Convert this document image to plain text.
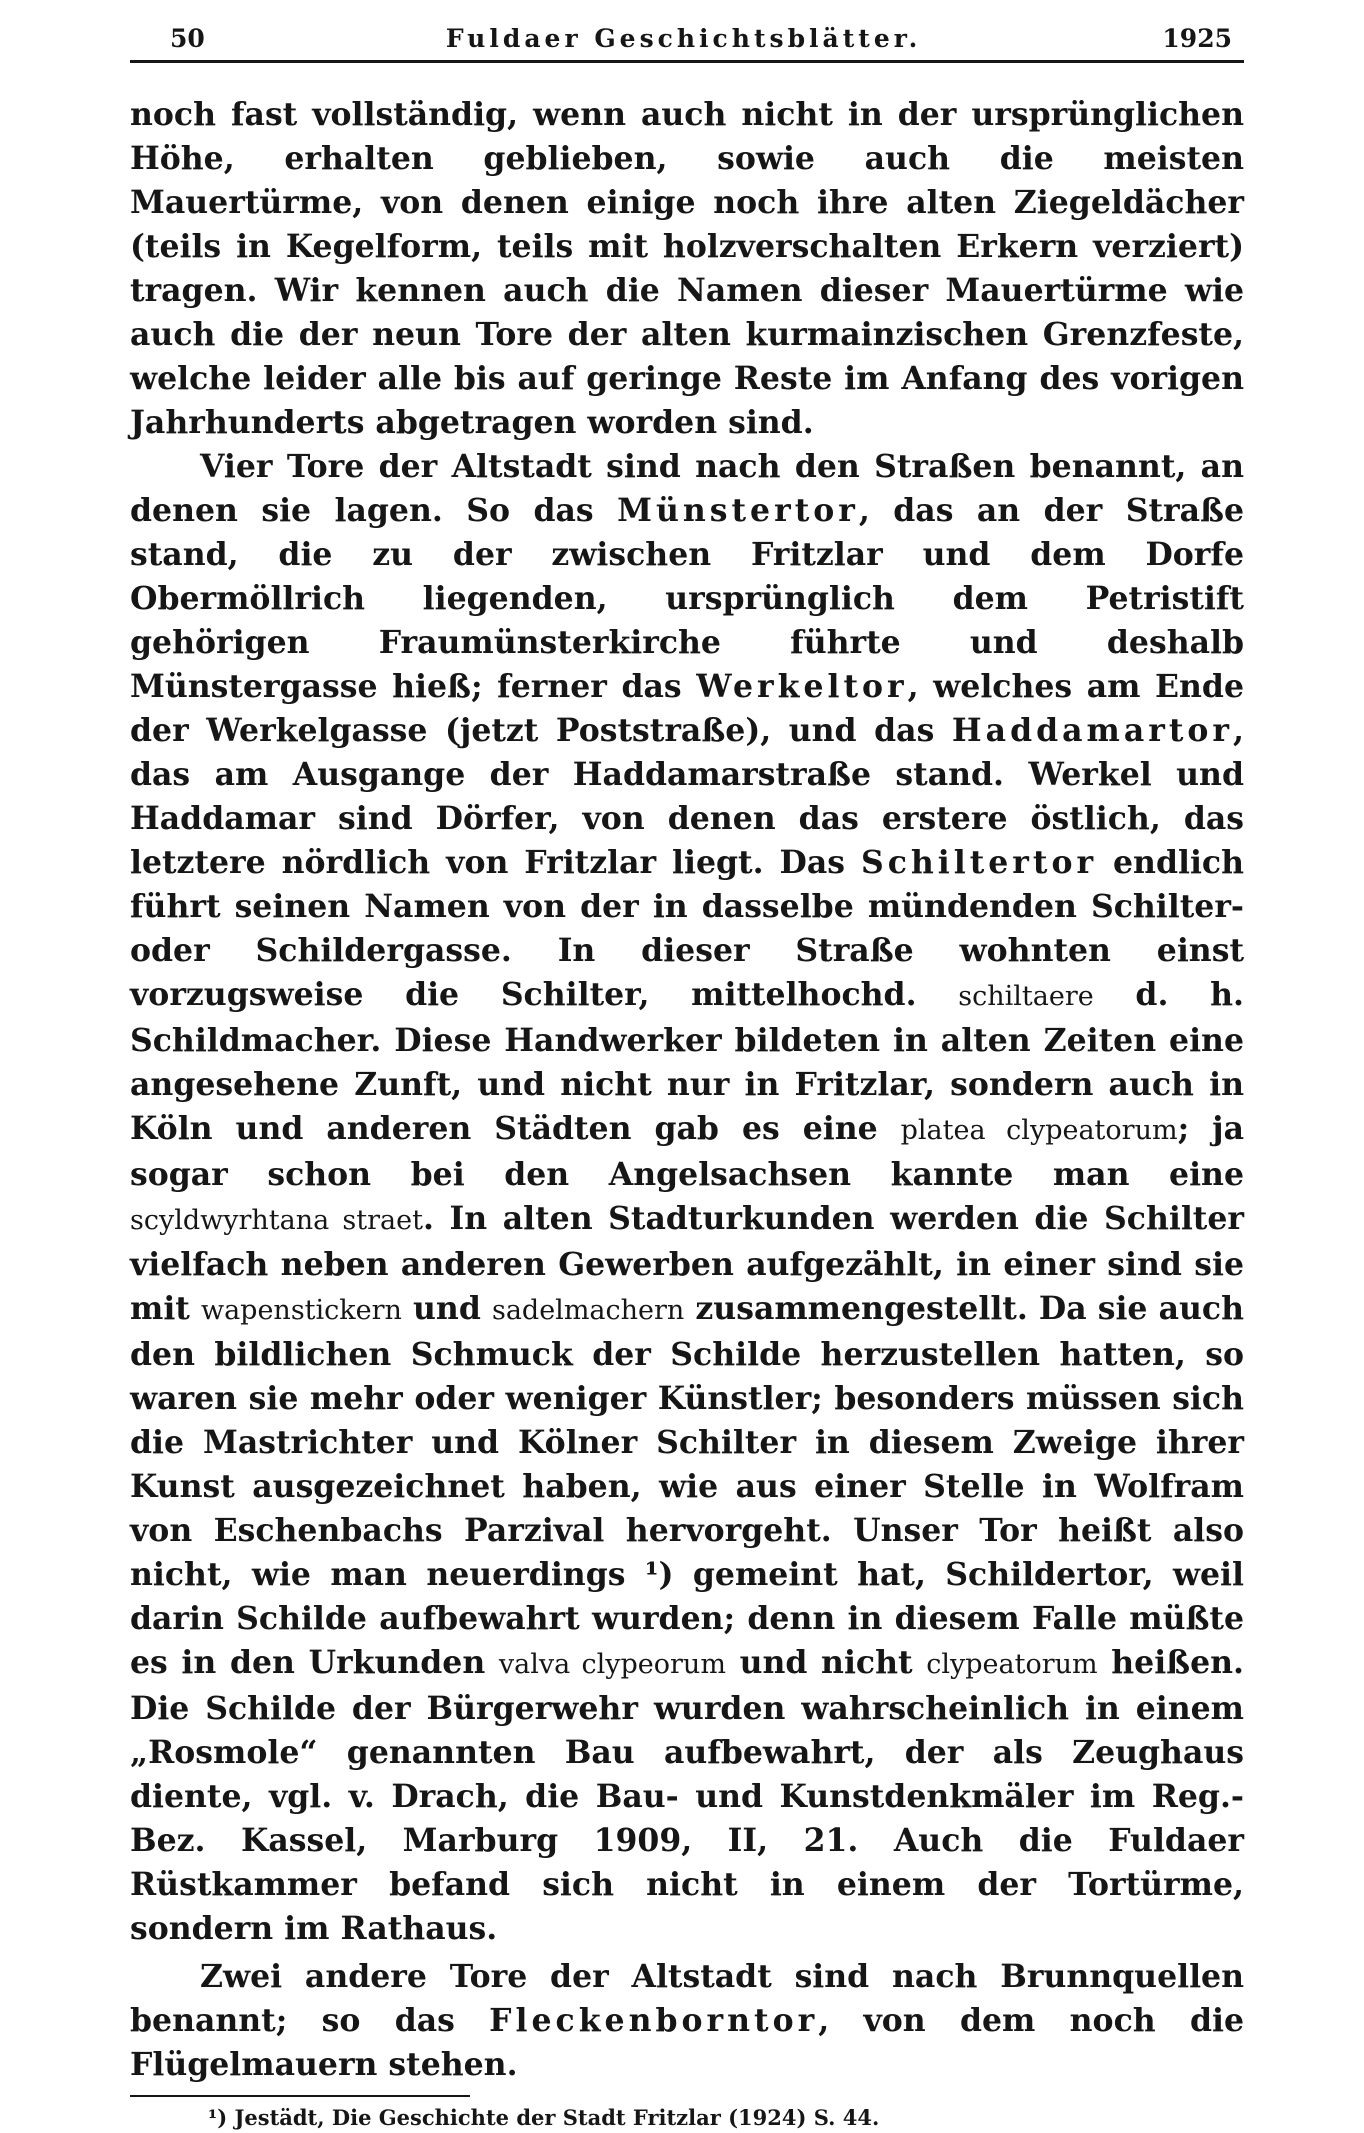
50	Fuldaer Geschichtsblätter.	1925

noch fast vollständig, wenn auch nicht in der ursprünglichen Höhe, erhalten geblieben, sowie auch die meisten Mauertürme, von denen einige noch ihre alten Ziegeldächer (teils in Kegelform, teils mit holzverschalten Erkern verziert) tragen. Wir kennen auch die Namen dieser Mauertürme wie auch die der neun Tore der alten kurmainzischen Grenzfeste, welche leider alle bis auf geringe Reste im Anfang des vorigen Jahrhunderts abgetragen worden sind.

Vier Tore der Altstadt sind nach den Straßen benannt, an denen sie lagen. So das Münstertor, das an der Straße stand, die zu der zwischen Fritzlar und dem Dorfe Obermöllrich liegenden, ursprünglich dem Petristift gehörigen Fraumünsterkirche führte und deshalb Münstergasse hieß; ferner das Werkeltor, welches am Ende der Werkelgasse (jetzt Poststraße), und das Haddamartor, das am Ausgange der Haddamarstraße stand. Werkel und Haddamar sind Dörfer, von denen das erstere östlich, das letztere nördlich von Fritzlar liegt. Das Schiltertor endlich führt seinen Namen von der in dasselbe mündenden Schilter- oder Schildergasse. In dieser Straße wohnten einst vorzugsweise die Schilter, mittelhochd. schiltaere d. h. Schildmacher. Diese Handwerker bildeten in alten Zeiten eine angesehene Zunft, und nicht nur in Fritzlar, sondern auch in Köln und anderen Städten gab es eine platea clypeatorum; ja sogar schon bei den Angelsachsen kannte man eine scyldwyrhtana straet. In alten Stadturkunden werden die Schilter vielfach neben anderen Gewerben aufgezählt, in einer sind sie mit wapenstickern und sadelmachern zusammengestellt. Da sie auch den bildlichen Schmuck der Schilde herzustellen hatten, so waren sie mehr oder weniger Künstler; besonders müssen sich die Mastrichter und Kölner Schilter in diesem Zweige ihrer Kunst ausgezeichnet haben, wie aus einer Stelle in Wolfram von Eschenbachs Parzival hervorgeht. Unser Tor heißt also nicht, wie man neuerdings ¹) gemeint hat, Schildertor, weil darin Schilde aufbewahrt wurden; denn in diesem Falle müßte es in den Urkunden valva clypeorum und nicht clypeatorum heißen. Die Schilde der Bürgerwehr wurden wahrscheinlich in einem „Rosmole“ genannten Bau aufbewahrt, der als Zeughaus diente, vgl. v. Drach, die Bau- und Kunstdenkmäler im Reg.-Bez. Kassel, Marburg 1909, II, 21. Auch die Fuldaer Rüstkammer befand sich nicht in einem der Tortürme, sondern im Rathaus.

Zwei andere Tore der Altstadt sind nach Brunnquellen benannt; so das Fleckenborntor, von dem noch die Flügelmauern stehen.

¹) Jestädt, Die Geschichte der Stadt Fritzlar (1924) S. 44.
